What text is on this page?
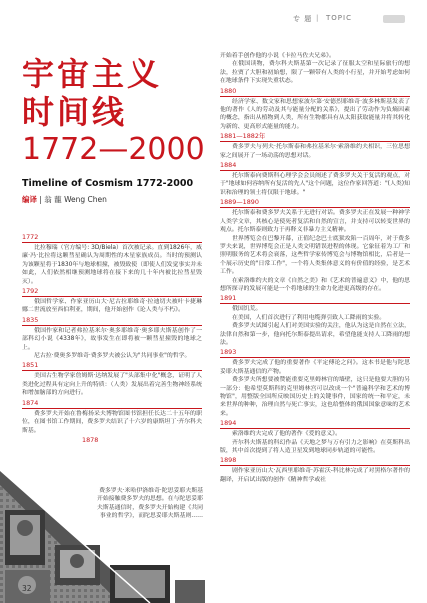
专 题 | TOPIC
宇宙主义
时间线
1772—2000
Timeline of Cosmism 1772-2000
编译 | 翁 蘢 Weng Chen
1772
比拉穆瑞（官方编号: 3D/Biela）首次被记录。直到1826年，威廉·冯·比拉将这颗彗星确认为周期性的木星家族成员。当时的预测认为该颗星将于1830年与地球相撞，被毁致使（即使人们发觉事实并未如此，人们依然相继预测地球将在接下来的几十年内被比拉彗星毁灭）。
1792
俄国哲学家、作家亚历山大·尼古拉耶维奇·拉迪切夫被叶卡捷琳娜二世流放至西伯利亚，期间，他开始创作《论人类与不朽》。
1835
俄国作家和记者弗拉基米尔·奥多耶维奇·奥多耶夫斯基创作了一部科幻小说《4338年》，故事发生在即将被一颗彗星撞毁的地球之上。
尼古拉·费奥多罗维奇·费多罗夫被公认为"共同事业"的哲学。
1851
美国古生物学家詹姆斯·达纳发展了"头部集中化"概念，证明了人类进化过程具有定向上升的特质：（人类）发展出着完善生物神经系统和增加脑部的方向进行。
1874
费多罗夫开始在鲁梅扬采夫博物馆图书馆担任长达二十五年的职位，在图书馆工作期间，费多罗夫结识了十六岁的康斯坦丁·齐尔科夫斯基。
1878
费多罗夫·米哈伊洛维奇·陀思妥耶夫斯基开始接触费多罗夫的思想。在与陀思妥耶夫斯基通信时，费多罗夫开始构建《共同事业的哲学》，而陀思妥耶夫斯基则……
32
开始着手创作他的小说《卡拉马佐夫兄弟》。
在俄国读物，费尔科夫斯基第一次记录了征服太空和星际旅行的想法，拉贾了大胆和初始想，限了一颗带有人类的小行星，并开始考虑如何在地球条件下实现失重状态。
1880
经济学家、数文家和思想家波尔第·安德烈耶维奇·波多林斯基发表了他的著作《人的劳动及其与能量分配的关系》，提出了劳动作为负熵因素的概念，指出从植物到人类，所有生物都具有从太阳获取能量并将其转化为新的、更高形式能量的能力。
1881—1882年
费多罗夫与列夫·托尔斯泰和弗拉基米尔·索洛维约夫相识，三位思想家之间展开了一场动荡的思想对话。
1884
托尔斯泰向费斯科心理学会会员阐述了费多罗夫关于复活的观点，对于"地球如何容纳所有复活的先人"这个问题，这位作家回答道："(人类)知识和治理的领土将仅限于地球。"
1889—1890
托尔斯泰和费多罗夫关系于无进行对话。费多罗夫正在发展一种神学人类学文章，其核心是使死者复活和自然的宣言，并支持可以转变世界的观点。托尔斯泰则致力于再释义非暴力主义精神。
世界博览会在巴黎开幕，正值纪念巴士底狱攻陷一百周年，对于费多罗夫来说，世界博览会正是人类文明错误进程的体现。它象征着为工厂和照明服务的艺术将会衰落，这些哲学家传博览会与博物馆相比，后者是一个展示历史的"日常工作"，一个将人类集体意义的有价值的经验，是艺术工作。
在索洛维约夫的文章《自然之美》和《艺术的普遍意义》中，他的思想所探寻的发展可能是一个将地球的生命力化进更高级的存在。
1891
俄国饥荒。
在美国，人们首次进行了利用电缆弹引致人工降雨的实验。
费多罗夫试图引起人们对美国实验的关注，他认为这是自然在立法，法律自然和第一步，他向托尔斯泰提出请求，希望他能支持人工降雨的想法。
1893
费多罗夫完成了他的重要著作《平定傅论之问》。这本书是他与陀思妥耶夫斯基通信的产物。
费多罗夫所想要被赞能重要克里姆林宫的墙壁，这只是他要大胆的另一部分：他希望莫斯科的克里姆林宫可以改成一个"普遍科学和艺术的博物馆"，用整版全国所反映国历史上的关键事件，国家的统一和平定，未来世界的种种，治理自然与死亡事实，这也给整体的俄国国象意味的艺术来。
1894
索洛维约夫完成了他的著作《爱的意义》。
齐尔科夫斯基的科幻作品《天地之梦与万有引力之影响》在莫斯科出版，其中首次提到了将人造卫星发到地球同步轨道的可能性。
1898
剧作家亚历山大·瓦西里耶维奇·苏霍沃-科比林完成了对黑格尔著作的翻译，开启试出版的创作《精神哲学或社
